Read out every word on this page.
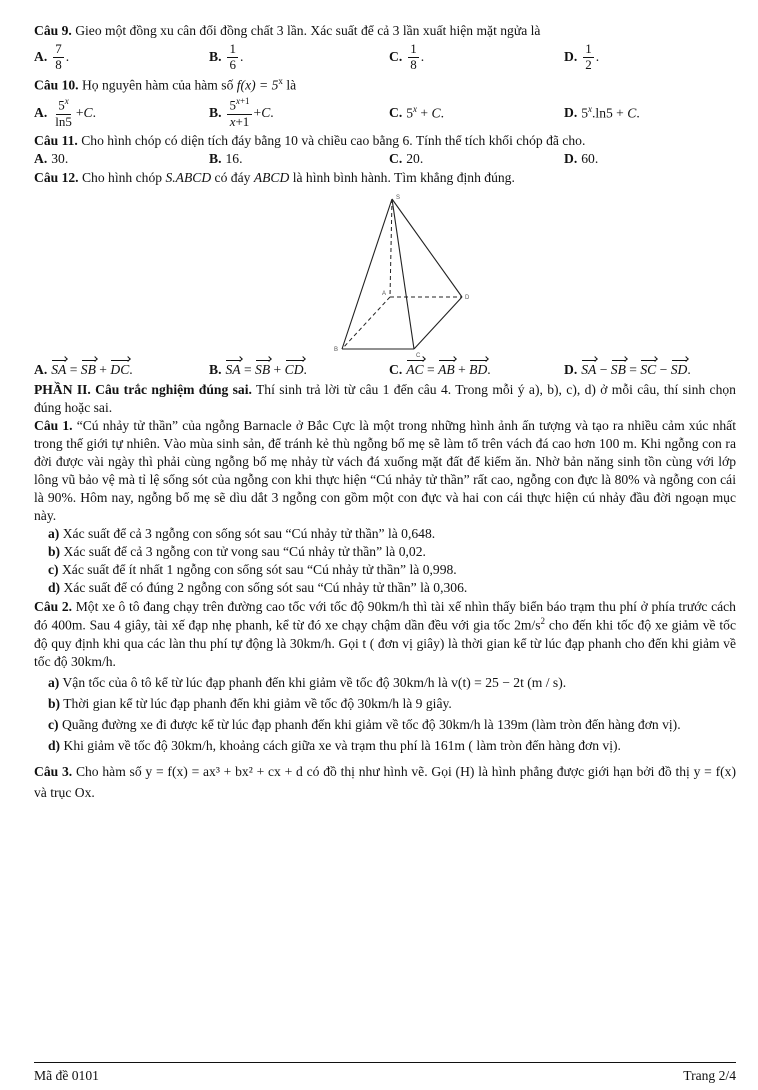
Câu 9. Gieo một đồng xu cân đối đồng chất 3 lần. Xác suất để cả 3 lần xuất hiện mặt ngửa là

A. $\frac{7}{8}$ .	B. $\frac{1}{6}$ .	C. $\frac{1}{8}$ .	D. $\frac{1}{2}$ .

Câu 10. Họ nguyên hàm của hàm số $f(x) = 5^x$ là

A. $\frac{5^x}{\ln 5} + C$ .	B. $\frac{5^{x+1}}{x+1} + C$ .	C. $5^x + C$.	D. $5^x.\ln 5 + C$.

Câu 11. Cho hình chóp có diện tích đáy bằng 10 và chiều cao bằng 6. Tính thể tích khối chóp đã cho.

A. 30.	B. 16.	C. 20.	D. 60.

Câu 12. Cho hình chóp S.ABCD có đáy ABCD là hình bình hành. Tìm khẳng định đúng.

S
A
B
C
D
A. SA = SB + DC.	B. SA = SB + CD.	C. AC = AB + BD.	D. SA − SB = SC − SD.

PHẦN II. Câu trắc nghiệm đúng sai. Thí sinh trả lời từ câu 1 đến câu 4. Trong mỗi ý a), b), c), d) ở mỗi câu, thí sinh chọn đúng hoặc sai.

Câu 1. “Cú nhảy tử thần” của ngỗng Barnacle ở Bắc Cực là một trong những hình ảnh ấn tượng và tạo ra nhiều cảm xúc nhất trong thế giới tự nhiên. Vào mùa sinh sản, để tránh kẻ thù ngỗng bố mẹ sẽ làm tổ trên vách đá cao hơn 100 m. Khi ngỗng con ra đời được vài ngày thì phải cùng ngỗng bố mẹ nhảy từ vách đá xuống mặt đất để kiếm ăn. Nhờ bản năng sinh tồn cùng với lớp lông vũ bảo vệ mà tỉ lệ sống sót của ngỗng con khi thực hiện “Cú nhảy tử thần” rất cao, ngỗng con đực là 80% và ngỗng con cái là 90%. Hôm nay, ngỗng bố mẹ sẽ dìu dắt 3 ngỗng con gồm một con đực và hai con cái thực hiện cú nhảy đầu đời ngoạn mục này.

a) Xác suất để cả 3 ngỗng con sống sót sau “Cú nhảy tử thần” là 0,648.

b) Xác suất để cả 3 ngỗng con tử vong sau “Cú nhảy tử thần” là 0,02.

c) Xác suất để ít nhất 1 ngỗng con sống sót sau “Cú nhảy tử thần” là 0,998.

d) Xác suất để có đúng 2 ngỗng con sống sót sau “Cú nhảy tử thần” là 0,306.

Câu 2. Một xe ô tô đang chạy trên đường cao tốc với tốc độ 90km/h thì tài xế nhìn thấy biển báo trạm thu phí ở phía trước cách đó 400m. Sau 4 giây, tài xế đạp nhẹ phanh, kể từ đó xe chạy chậm dần đều với gia tốc $2m/s^2$ cho đến khi tốc độ xe giảm về tốc độ quy định khi qua các làn thu phí tự động là 30km/h. Gọi t ( đơn vị giây) là thời gian kể từ lúc đạp phanh cho đến khi giảm về tốc độ 30km/h.

a) Vận tốc của ô tô kể từ lúc đạp phanh đến khi giảm về tốc độ 30km/h là v(t) = 25 − 2t (m / s).

b) Thời gian kể từ lúc đạp phanh đến khi giảm về tốc độ 30km/h là 9 giây.

c) Quãng đường xe đi được kể từ lúc đạp phanh đến khi giảm về tốc độ 30km/h là 139m (làm tròn đến hàng đơn vị).

d) Khi giảm về tốc độ 30km/h, khoảng cách giữa xe và trạm thu phí là 161m ( làm tròn đến hàng đơn vị).

Câu 3. Cho hàm số y = f(x) = ax³ + bx² + cx + d có đồ thị như hình vẽ. Gọi (H) là hình phẳng được giới hạn bởi đồ thị y = f(x) và trục Ox.

Mã đề 0101	Trang 2/4
